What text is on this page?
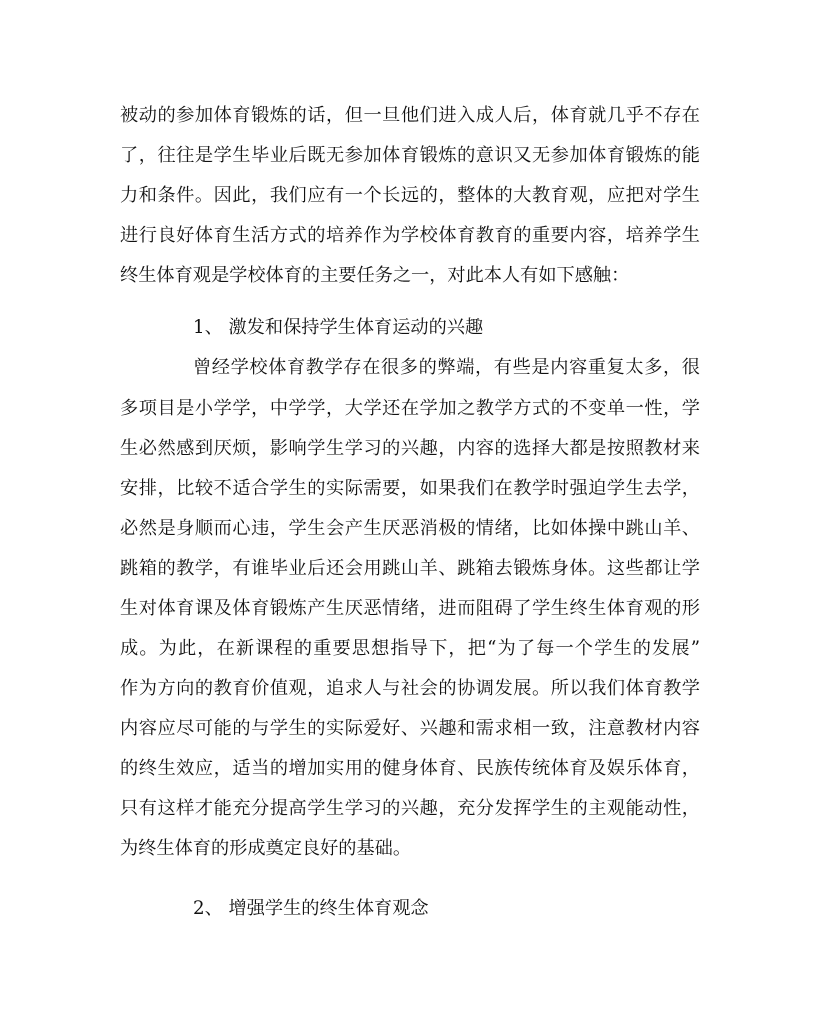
被动的参加体育锻炼的话，但一旦他们进入成人后，体育就几乎不存在
了，往往是学生毕业后既无参加体育锻炼的意识又无参加体育锻炼的能
力和条件。因此，我们应有一个长远的，整体的大教育观，应把对学生
进行良好体育生活方式的培养作为学校体育教育的重要内容，培养学生
终生体育观是学校体育的主要任务之一，对此本人有如下感触：
1、 激发和保持学生体育运动的兴趣
曾经学校体育教学存在很多的弊端，有些是内容重复太多，很
多项目是小学学，中学学，大学还在学加之教学方式的不变单一性，学
生必然感到厌烦，影响学生学习的兴趣，内容的选择大都是按照教材来
安排，比较不适合学生的实际需要，如果我们在教学时强迫学生去学，
必然是身顺而心违，学生会产生厌恶消极的情绪，比如体操中跳山羊、
跳箱的教学，有谁毕业后还会用跳山羊、跳箱去锻炼身体。这些都让学
生对体育课及体育锻炼产生厌恶情绪，进而阻碍了学生终生体育观的形
成。为此，在新课程的重要思想指导下，把“为了每一个学生的发展”
作为方向的教育价值观，追求人与社会的协调发展。所以我们体育教学
内容应尽可能的与学生的实际爱好、兴趣和需求相一致，注意教材内容
的终生效应，适当的增加实用的健身体育、民族传统体育及娱乐体育，
只有这样才能充分提高学生学习的兴趣，充分发挥学生的主观能动性，
为终生体育的形成奠定良好的基础。
2、 增强学生的终生体育观念
